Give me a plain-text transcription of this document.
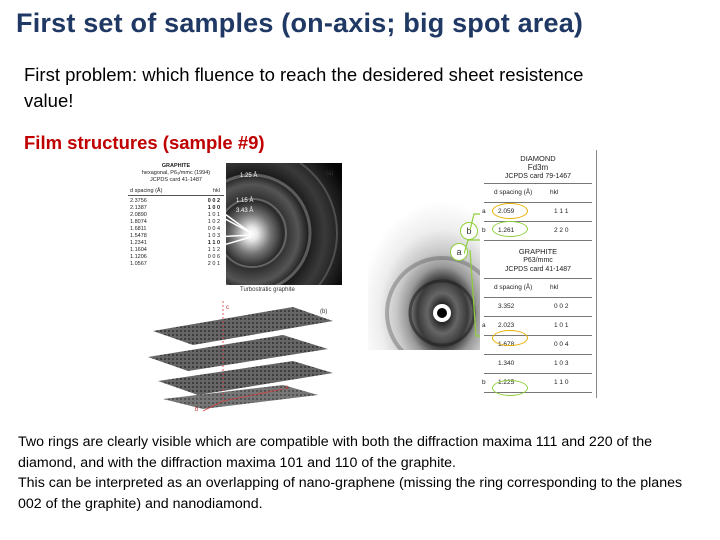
First set of samples (on-axis; big spot area)
First problem: which fluence to reach the desidered sheet resistence value!
Film structures (sample #9)
GRAPHITE
hexagonal, P6₃/mmc (1994)
JCPDS card 41-1487
d spacing (Å)	hkl
2.3756	0 0 2
2.1387	1 0 0
2.0890	1 0 1
1.8074	1 0 2
1.6811	0 0 4
1.5478	1 0 3
1.2341	1 1 0
1.1604	1 1 2
1.1206	0 0 6
1.0567	2 0 1
1.25 Å
1.15 Å
3.43 Å
(a)
Turbostratic graphite
(b)
c
a
b
b
a
DIAMOND
Fd3m
JCPDS card 79-1467
d spacing (Å)	hkl
a 2.059	1 1 1
b 1.261	2 2 0
GRAPHITE
P63/mmc
JCPDS card 41-1487
d spacing (Å)	hkl
3.352	0 0 2
a 2.023	1 0 1
1.678	0 0 4
1.340	1 0 3
b 1.225	1 1 0

Two rings are clearly visible which are compatible with both the diffraction maxima 111 and 220 of the diamond, and with the diffraction maxima 101 and 110 of the graphite.

This can be interpreted as an overlapping of nano-graphene (missing the ring corresponding to the planes 002 of the graphite) and nanodiamond.
